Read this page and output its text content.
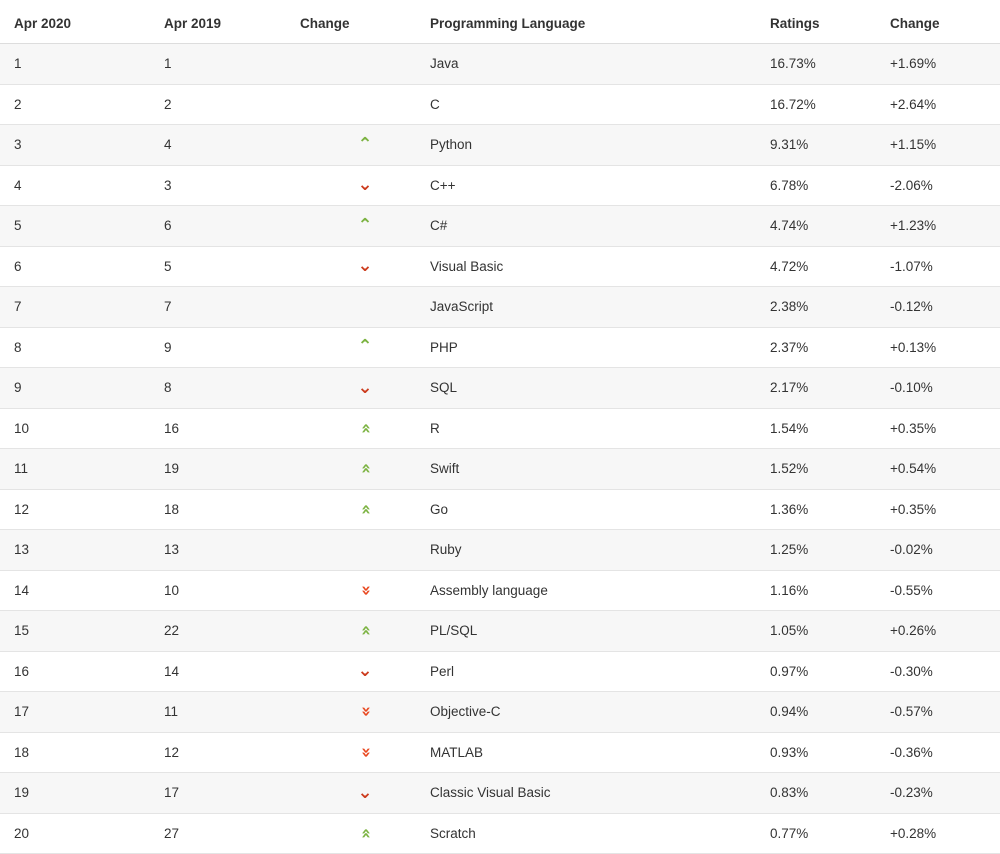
Apr 2020	Apr 2019	Change	Programming Language	Ratings	Change
1	1		Java	16.73%	+1.69%
2	2		C	16.72%	+2.64%
3	4	⌃	Python	9.31%	+1.15%
4	3	⌄	C++	6.78%	-2.06%
5	6	⌃	C#	4.74%	+1.23%
6	5	⌄	Visual Basic	4.72%	-1.07%
7	7		JavaScript	2.38%	-0.12%
8	9	⌃	PHP	2.37%	+0.13%
9	8	⌄	SQL	2.17%	-0.10%
10	16	«	R	1.54%	+0.35%
11	19	«	Swift	1.52%	+0.54%
12	18	«	Go	1.36%	+0.35%
13	13		Ruby	1.25%	-0.02%
14	10	»	Assembly language	1.16%	-0.55%
15	22	«	PL/SQL	1.05%	+0.26%
16	14	⌄	Perl	0.97%	-0.30%
17	11	»	Objective-C	0.94%	-0.57%
18	12	»	MATLAB	0.93%	-0.36%
19	17	⌄	Classic Visual Basic	0.83%	-0.23%
20	27	«	Scratch	0.77%	+0.28%
